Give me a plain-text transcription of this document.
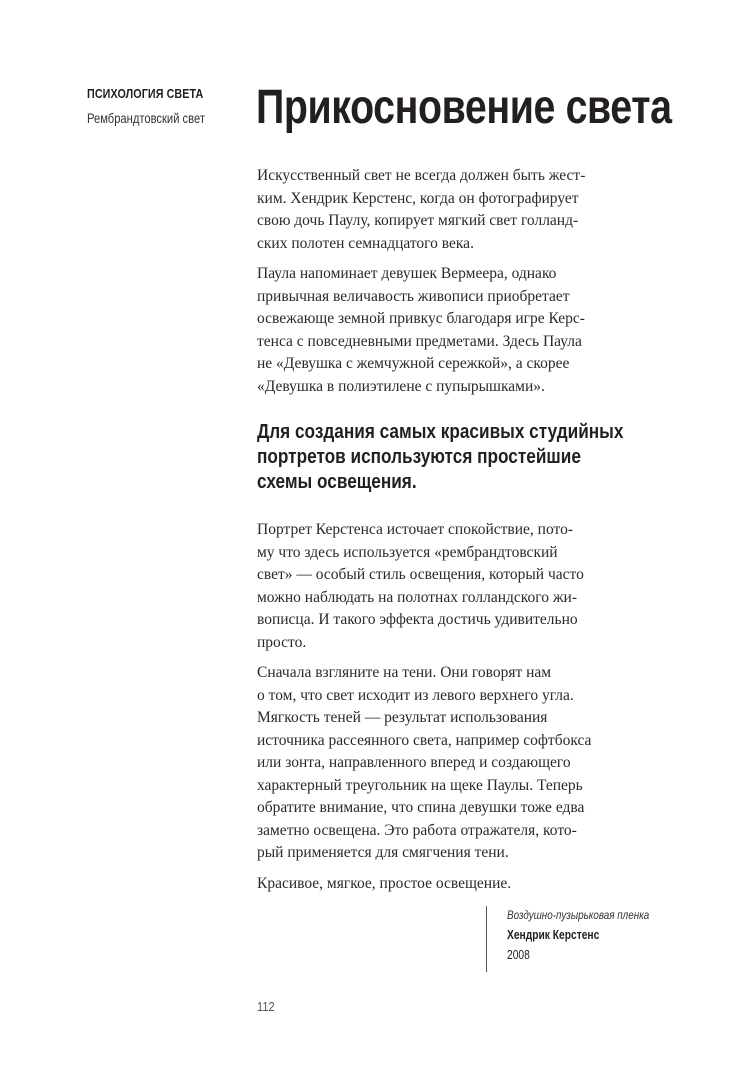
ПСИХОЛОГИЯ СВЕТА
Рембрандтовский свет Прикосновение света

Искусственный свет не всегда должен быть жест-
ким. Хендрик Керстенс, когда он фотографирует
свою дочь Паулу, копирует мягкий свет голланд-
ских полотен семнадцатого века.

Паула напоминает девушек Вермеера, однако
привычная величавость живописи приобретает
освежающе земной привкус благодаря игре Керс-
тенса с повседневными предметами. Здесь Паула
не «Девушка с жемчужной сережкой», а скорее
«Девушка в полиэтилене с пупырышками».

Для создания самых красивых студийных
портретов используются простейшие
схемы освещения.

Портрет Керстенса источает спокойствие, пото-
му что здесь используется «рембрандтовский
свет» — особый стиль освещения, который часто
можно наблюдать на полотнах голландского жи-
вописца. И такого эффекта достичь удивительно
просто.

Сначала взгляните на тени. Они говорят нам
о том, что свет исходит из левого верхнего угла.
Мягкость теней — результат использования
источника рассеянного света, например софтбокса
или зонта, направленного вперед и создающего
характерный треугольник на щеке Паулы. Теперь
обратите внимание, что спина девушки тоже едва
заметно освещена. Это работа отражателя, кото-
рый применяется для смягчения тени.

Красивое, мягкое, простое освещение.

Воздушно-пузырьковая пленка
Хендрик Керстенс
2008
112
